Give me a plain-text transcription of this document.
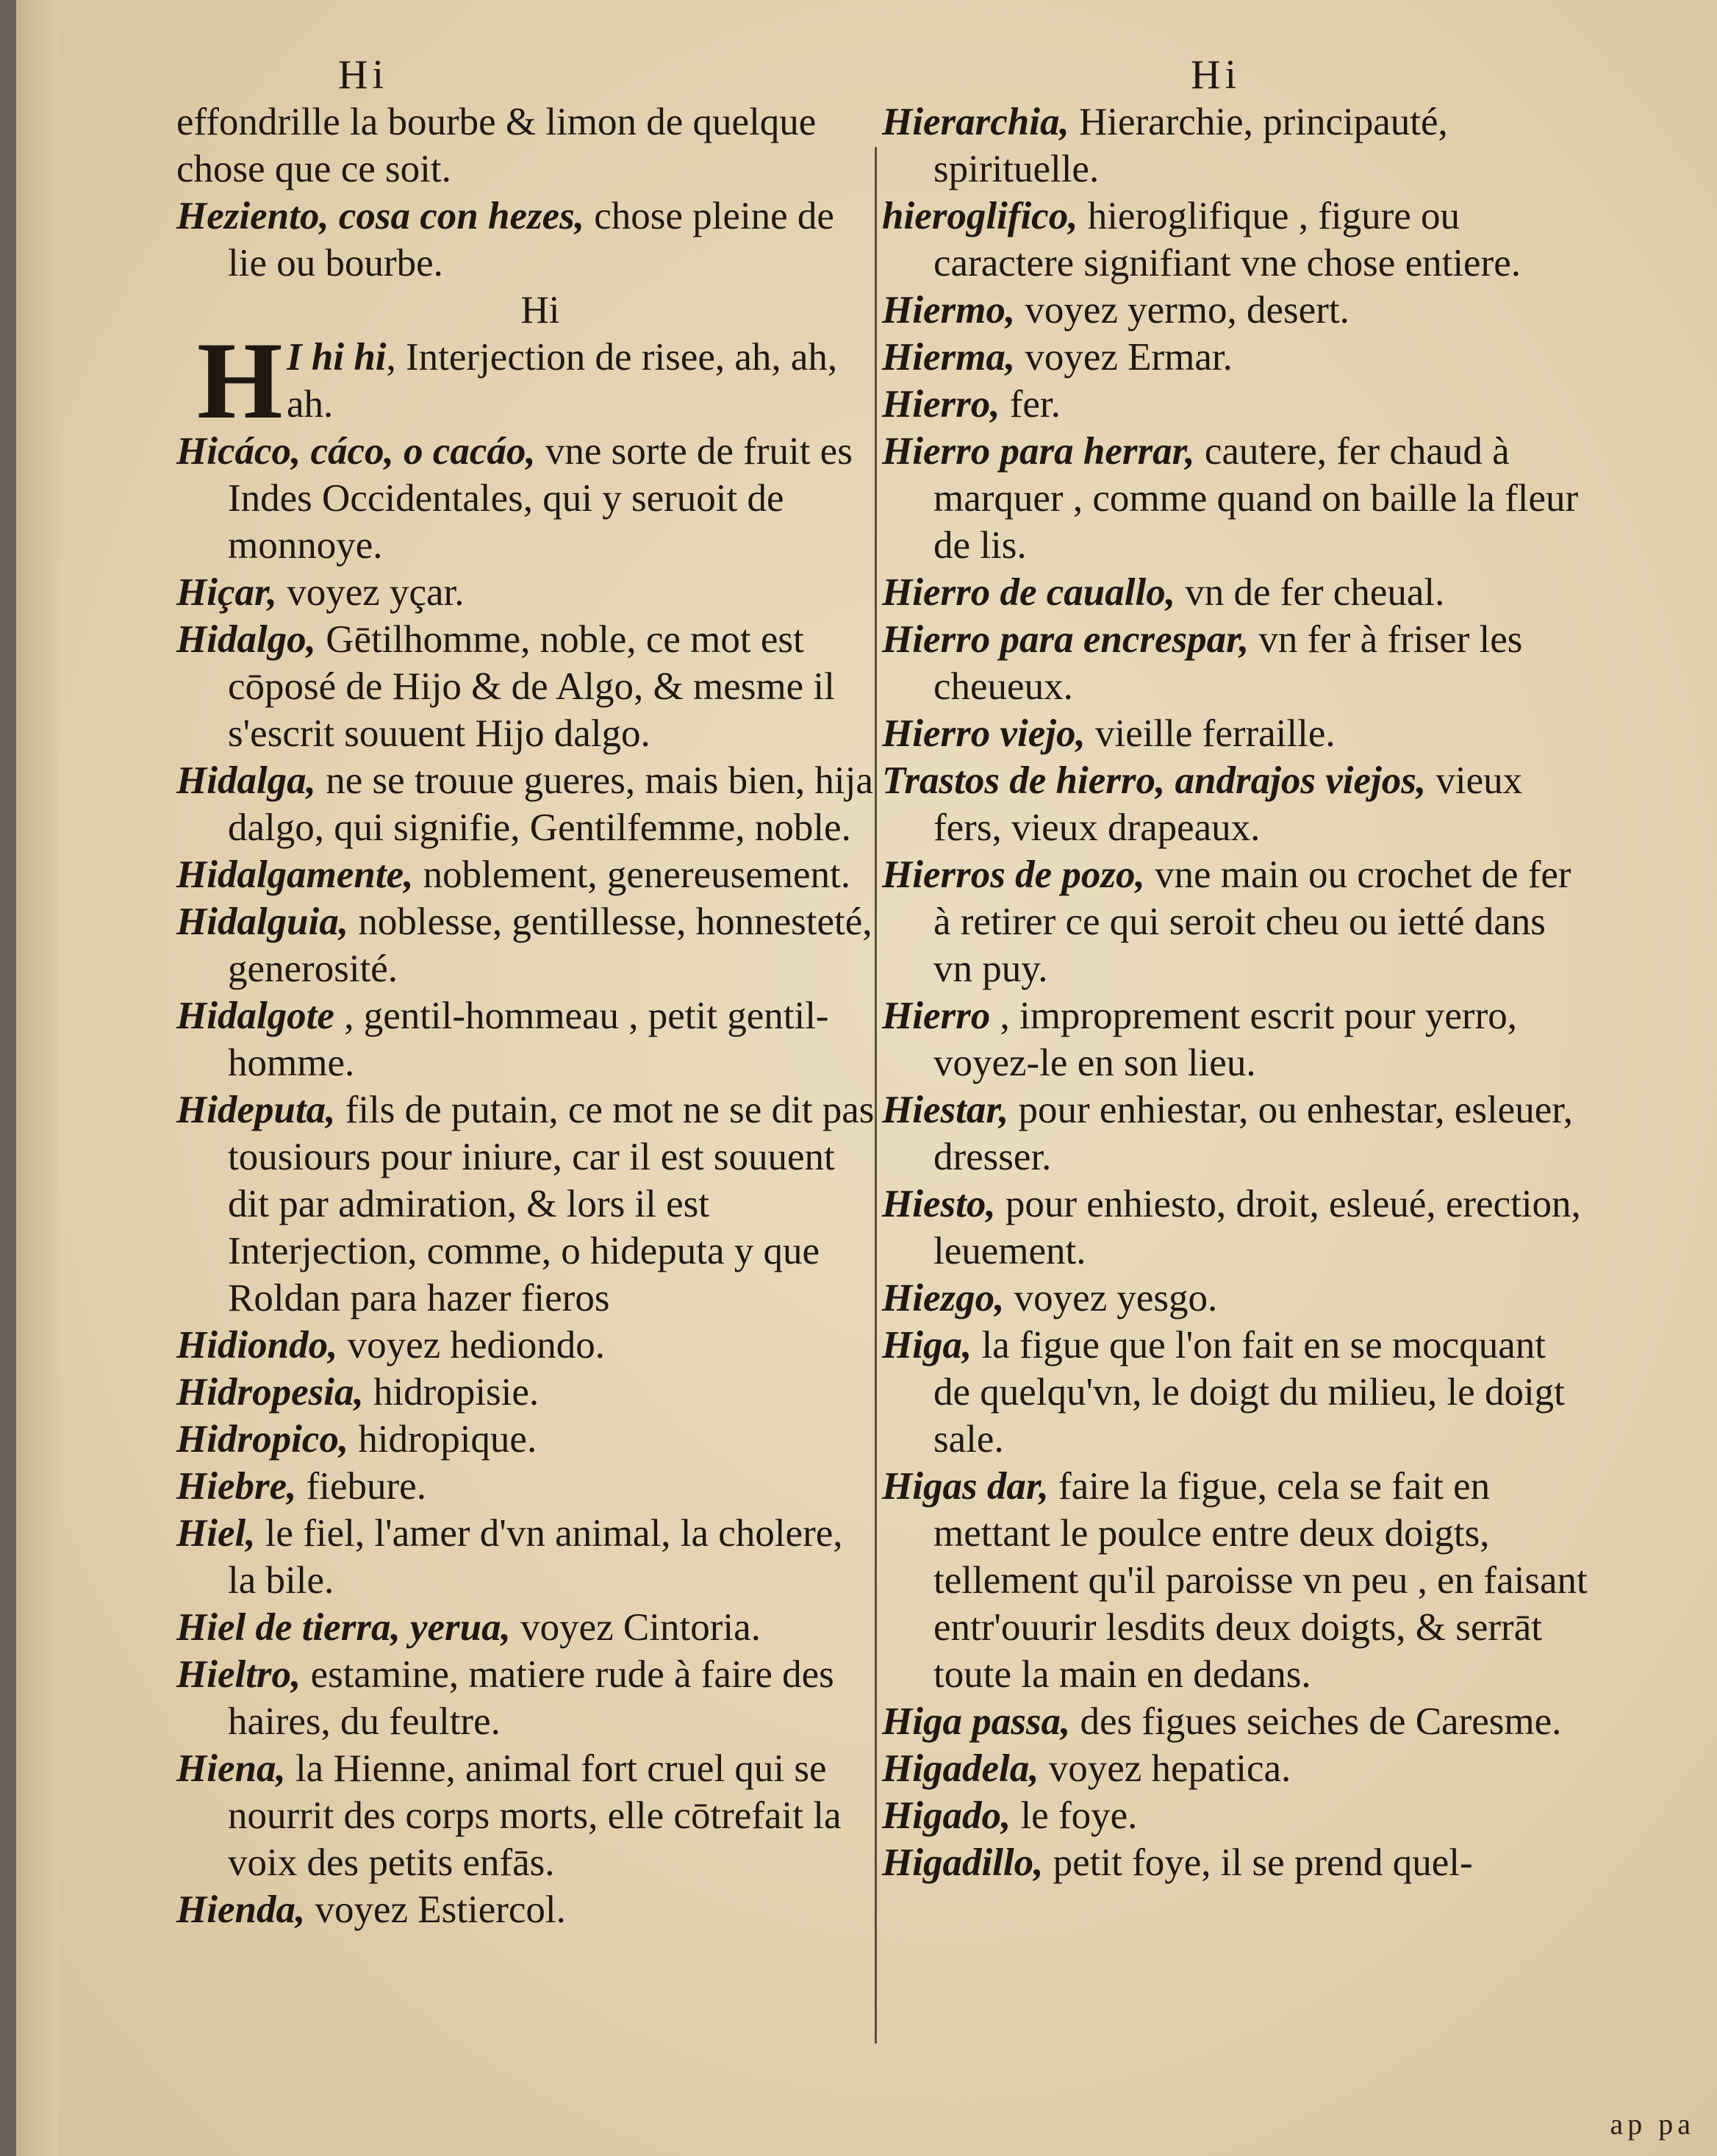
Hi

effondrille la bourbe & limon de quelque chose que ce soit.

Heziento, cosa con hezes, chose pleine de lie ou bourbe.

Hi

H I hi hi, Interjection de risee, ah, ah, ah.

Hicáco, cáco, o cacáo, vne sorte de fruit es Indes Occidentales, qui y seruoit de monnoye.

Hiçar, voyez yçar.

Hidalgo, Gētilhomme, noble, ce mot est cōposé de Hijo & de Algo, & mesme il s'escrit souuent Hijo dalgo.

Hidalga, ne se trouue gueres, mais bien, hija dalgo, qui signifie, Gentilfemme, noble.

Hidalgamente, noblement, genereusement.

Hidalguia, noblesse, gentillesse, honnesteté, generosité.

Hidalgote , gentil-hommeau , petit gentil-homme.

Hideputa, fils de putain, ce mot ne se dit pas tousiours pour iniure, car il est souuent dit par admiration, & lors il est Interjection, comme, o hideputa y que Roldan para hazer fieros

Hidiondo, voyez hediondo.

Hidropesia, hidropisie.

Hidropico, hidropique.

Hiebre, fiebure.

Hiel, le fiel, l'amer d'vn animal, la cholere, la bile.

Hiel de tierra, yerua, voyez Cintoria.

Hieltro, estamine, matiere rude à faire des haires, du feultre.

Hiena, la Hienne, animal fort cruel qui se nourrit des corps morts, elle cōtrefait la voix des petits enfās.

Hienda, voyez Estiercol.

Hi

Hierarchia, Hierarchie, principauté, spirituelle.

hieroglifico, hieroglifique , figure ou caractere signifiant vne chose entiere.

Hiermo, voyez yermo, desert.

Hierma, voyez Ermar.

Hierro, fer.

Hierro para herrar, cautere, fer chaud à marquer , comme quand on baille la fleur de lis.

Hierro de cauallo, vn de fer cheual.

Hierro para encrespar, vn fer à friser les cheueux.

Hierro viejo, vieille ferraille.

Trastos de hierro, andrajos viejos, vieux fers, vieux drapeaux.

Hierros de pozo, vne main ou crochet de fer à retirer ce qui seroit cheu ou ietté dans vn puy.

Hierro , improprement escrit pour yerro, voyez-le en son lieu.

Hiestar, pour enhiestar, ou enhestar, esleuer, dresser.

Hiesto, pour enhiesto, droit, esleué, erection, leuement.

Hiezgo, voyez yesgo.

Higa, la figue que l'on fait en se mocquant de quelqu'vn, le doigt du milieu, le doigt sale.

Higas dar, faire la figue, cela se fait en mettant le poulce entre deux doigts, tellement qu'il paroisse vn peu , en faisant entr'ouurir lesdits deux doigts, & serrāt toute la main en dedans.

Higa passa, des figues seiches de Caresme.

Higadela, voyez hepatica.

Higado, le foye.

Higadillo, petit foye, il se prend quel-

ap pa
